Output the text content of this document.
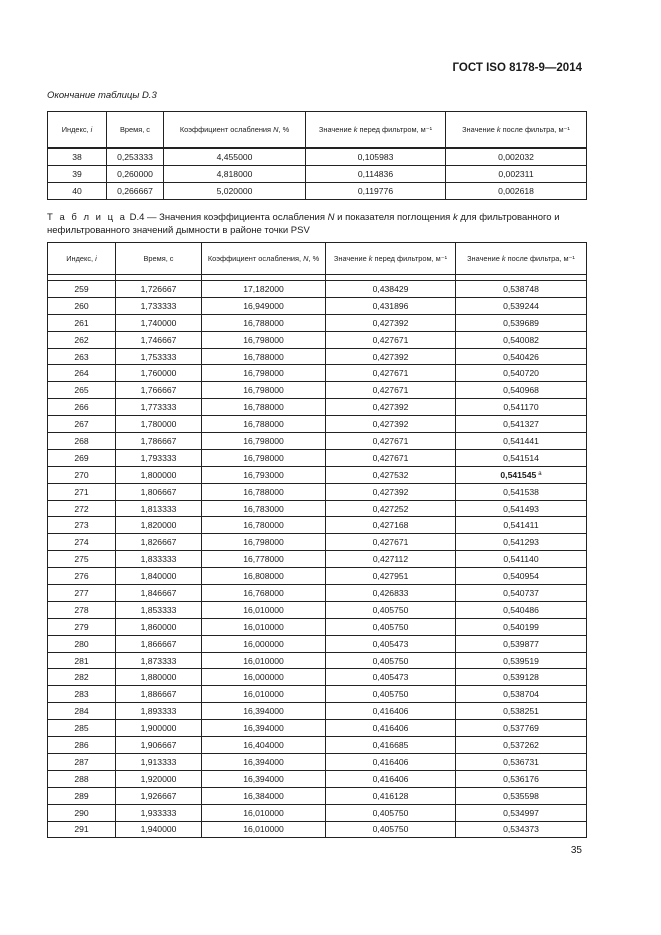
ГОСТ ISO 8178-9—2014
Окончание таблицы D.3
Индекс, i	Время, с	Коэффициент ослабления N, %	Значение k перед фильтром, м⁻¹	Значение k после фильтра, м⁻¹
38	0,253333	4,455000	0,105983	0,002032
39	0,260000	4,818000	0,114836	0,002311
40	0,266667	5,020000	0,119776	0,002618
Т а б л и ц а D.4 — Значения коэффициента ослабления N и показателя поглощения k для фильтрованного и нефильтрованного значений дымности в районе точки PSV
Индекс, i	Время, с	Коэффициент ослабления, N, %	Значение k перед фильтром, м⁻¹	Значение k после фильтра, м⁻¹

259	1,726667	17,182000	0,438429	0,538748
260	1,733333	16,949000	0,431896	0,539244
261	1,740000	16,788000	0,427392	0,539689
262	1,746667	16,798000	0,427671	0,540082
263	1,753333	16,788000	0,427392	0,540426
264	1,760000	16,798000	0,427671	0,540720
265	1,766667	16,798000	0,427671	0,540968
266	1,773333	16,788000	0,427392	0,541170
267	1,780000	16,788000	0,427392	0,541327
268	1,786667	16,798000	0,427671	0,541441
269	1,793333	16,798000	0,427671	0,541514
270	1,800000	16,793000	0,427532	0,541545 $^a$
271	1,806667	16,788000	0,427392	0,541538
272	1,813333	16,783000	0,427252	0,541493
273	1,820000	16,780000	0,427168	0,541411
274	1,826667	16,798000	0,427671	0,541293
275	1,833333	16,778000	0,427112	0,541140
276	1,840000	16,808000	0,427951	0,540954
277	1,846667	16,768000	0,426833	0,540737
278	1,853333	16,010000	0,405750	0,540486
279	1,860000	16,010000	0,405750	0,540199
280	1,866667	16,000000	0,405473	0,539877
281	1,873333	16,010000	0,405750	0,539519
282	1,880000	16,000000	0,405473	0,539128
283	1,886667	16,010000	0,405750	0,538704
284	1,893333	16,394000	0,416406	0,538251
285	1,900000	16,394000	0,416406	0,537769
286	1,906667	16,404000	0,416685	0,537262
287	1,913333	16,394000	0,416406	0,536731
288	1,920000	16,394000	0,416406	0,536176
289	1,926667	16,384000	0,416128	0,535598
290	1,933333	16,010000	0,405750	0,534997
291	1,940000	16,010000	0,405750	0,534373
35
